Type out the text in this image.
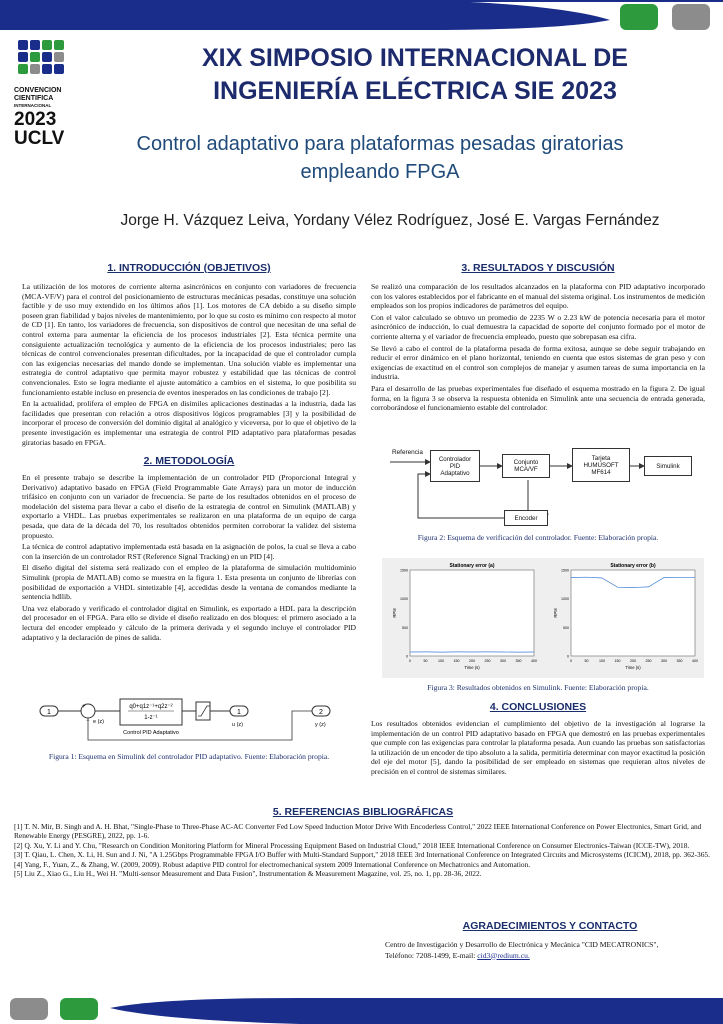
CONVENCION
CIENTIFICA
INTERNACIONAL
2023
UCLV
XIX SIMPOSIO INTERNACIONAL DE
INGENIERÍA ELÉCTRICA SIE 2023
Control adaptativo para plataformas pesadas giratorias
empleando FPGA
Jorge H. Vázquez Leiva, Yordany Vélez Rodríguez, José E. Vargas Fernández
1. INTRODUCCIÓN (OBJETIVOS)

La utilización de los motores de corriente alterna asincrónicos en conjunto con variadores de frecuencia (MCA-VF/V) para el control del posicionamiento de estructuras mecánicas pesadas, constituye una solución factible y de uso muy extendido en los últimos años [1]. Los motores de CA debido a su diseño simple poseen gran fiabilidad y bajos niveles de mantenimiento, por lo que su costo es mínimo con respecto al motor de CD [1]. En tanto, los variadores de frecuencia, son dispositivos de control que necesitan de una señal de control externa para aumentar la eficiencia de los procesos industriales [2]. Esta técnica permite una consiguiente actualización tecnológica y aumento de la eficiencia de los procesos industriales; pero las técnicas de control convencionales presentan dificultades, por la incapacidad de que el controlador cumpla con las exigencias necesarias del mando donde se implementan. Una solución viable es implementar una estrategia de control adaptativo que permita mayor robustez y estabilidad que las técnicas de control convencionales. Esto se logra mediante el ajuste automático a cambios en el sistema, lo que posibilita su funcionamiento estable incluso en presencia de eventos inesperados en las condiciones de trabajo [2].

En la actualidad, prolifera el empleo de FPGA en disímiles aplicaciones destinadas a la industria, dada las facilidades que presentan con relación a otros dispositivos lógicos programables [3] y la posibilidad de incorporar el proceso de conversión del dominio digital al analógico y viceversa, por lo que el objetivo de la presente investigación es implementar una estrategia de control PID adaptativo para plataformas pesadas giratorias basado en FPGA.

2. METODOLOGÍA

En el presente trabajo se describe la implementación de un controlador PID (Proporcional Integral y Derivativo) adaptativo basado en FPGA (Field Programmable Gate Arrays) para un motor de inducción trifásico en conjunto con un variador de frecuencia. Se parte de los resultados obtenidos en el proceso de modelación del sistema para llevar a cabo el diseño de la estrategia de control en Simulink (MATLAB) y exportarlo a VHDL. Las pruebas experimentales se realizaron en una plataforma de un equipo de carga pesada, que data de la década del 70, los resultados obtenidos permiten corroborar la validez del sistema propuesto.

La técnica de control adaptativo implementada está basada en la asignación de polos, la cual se lleva a cabo con la inserción de un controlador RST (Reference Signal Tracking) en un PID [4].

El diseño digital del sistema será realizado con el empleo de la plataforma de simulación multidominio Simulink (propia de MATLAB) como se muestra en la figura 1. Esta presenta un conjunto de librerías con posibilidad de exportación a VHDL sintetizable [4], accedidas desde la ventana de comandos mediante la sentencia hdllib.

Una vez elaborado y verificado el controlador digital en Simulink, es exportado a HDL para la descripción del procesador en el FPGA. Para ello se divide el diseño realizado en dos bloques: el primero asociado a la lectura del encoder empleado y cálculo de la primera derivada y el segundo incluye el controlador PID adaptativo y la declaración de pines de salida.

1
+
− e (z)
q0+q1z⁻¹+q2z⁻²
1-z⁻¹
Control PID Adaptativo
1
u (z)
2
y (z)
Figura 1: Esquema en Simulink del controlador PID adaptativo. Fuente: Elaboración propia.
3. RESULTADOS Y DISCUSIÓN

Se realizó una comparación de los resultados alcanzados en la plataforma con PID adaptativo incorporado con los valores establecidos por el fabricante en el manual del sistema original. Los instrumentos de medición empleados son los propios indicadores de parámetros del equipo.

Con el valor calculado se obtuvo un promedio de 2235 W o 2.23 kW de potencia necesaria para el motor asincrónico de inducción, lo cual demuestra la capacidad de soporte del conjunto formado por el motor de corriente alterna y el variador de frecuencia empleado, puesto que sobrepasan esa cifra.

Se llevó a cabo el control de la plataforma pesada de forma exitosa, aunque se debe seguir trabajando en reducir el error dinámico en el plano horizontal, teniendo en cuenta que estos sistemas de gran peso y con exigencias de exactitud en el control son complejos de manejar y asumen tareas de suma importancia en la industria.

Para el desarrollo de las pruebas experimentales fue diseñado el esquema mostrado en la figura 2. De igual forma, en la figura 3 se observa la respuesta obtenida en Simulink ante una secuencia de entrada generada, corroborándose el funcionamiento estable del controlador.

Referencia
Controlador
PID
Adaptativo
Conjunto
MCA/VF
Tarjeta
HUMUSOFT
MF614
Simulink
Encoder
Figura 2: Esquema de verificación del controlador. Fuente: Elaboración propia.
Stationary error (a)
0	50	100	150	200	250	300	350	400
0
500
1000
1500
Time (s)
RPM
Stationary error (b)
0	50	100	150	200	250	300	350	400
0
500
1000
1500
Time (s)
RPM
Figura 3: Resultados obtenidos en Simulink. Fuente: Elaboración propia.
4. CONCLUSIONES

Los resultados obtenidos evidencian el cumplimiento del objetivo de la investigación al lograrse la implementación de un control PID adaptativo basado en FPGA que demostró en las pruebas experimentales que cumple con las exigencias para controlar la plataforma pesada. Aun cuando las pruebas son satisfactorias la utilización de un encoder de tipo absoluto a la salida, permitiría determinar con mayor exactitud la posición del eje del motor [5], dando la posibilidad de ser empleado en sistemas que requieran altos niveles de precisión en el control de sistemas similares.

5. REFERENCIAS BIBLIOGRÁFICAS

[1] T. N. Mir, B. Singh and A. H. Bhat, "Single-Phase to Three-Phase AC-AC Converter Fed Low Speed Induction Motor Drive With Encoderless Control," 2022 IEEE International Conference on Power Electronics, Smart Grid, and Renewable Energy (PESGRE), 2022, pp. 1-6.

[2] Q. Xu, Y. Li and Y. Chu, "Research on Condition Monitoring Platform for Mineral Processing Equipment Based on Industrial Cloud," 2018 IEEE International Conference on Consumer Electronics-Taiwan (ICCE-TW), 2018.

[3] T. Qiau, L. Chen, X. Li, H. Sun and J. Ni, "A 1.25Gbps Programmable FPGA I/O Buffer with Multi-Standard Support," 2018 IEEE 3rd International Conference on Integrated Circuits and Microsystems (ICICM), 2018, pp. 362-365.

[4] Yang, F., Yuan, Z., & Zhang, W. (2009, 2009). Robust adaptive PID control for electromechanical system 2009 International Conference on Mechatronics and Automation.

[5] Liu Z., Xiao G., Liu H., Wei H. "Multi-sensor Measurement and Data Fusion", Instrumentation & Measurement Magazine, vol. 25, no. 1, pp. 28-36, 2022.

AGRADECIMIENTOS Y CONTACTO
Centro de Investigación y Desarrollo de Electrónica y Mecánica "CID MECATRONICS",
Teléfono: 7208-1499, E-mail: cid3@redium.cu.
